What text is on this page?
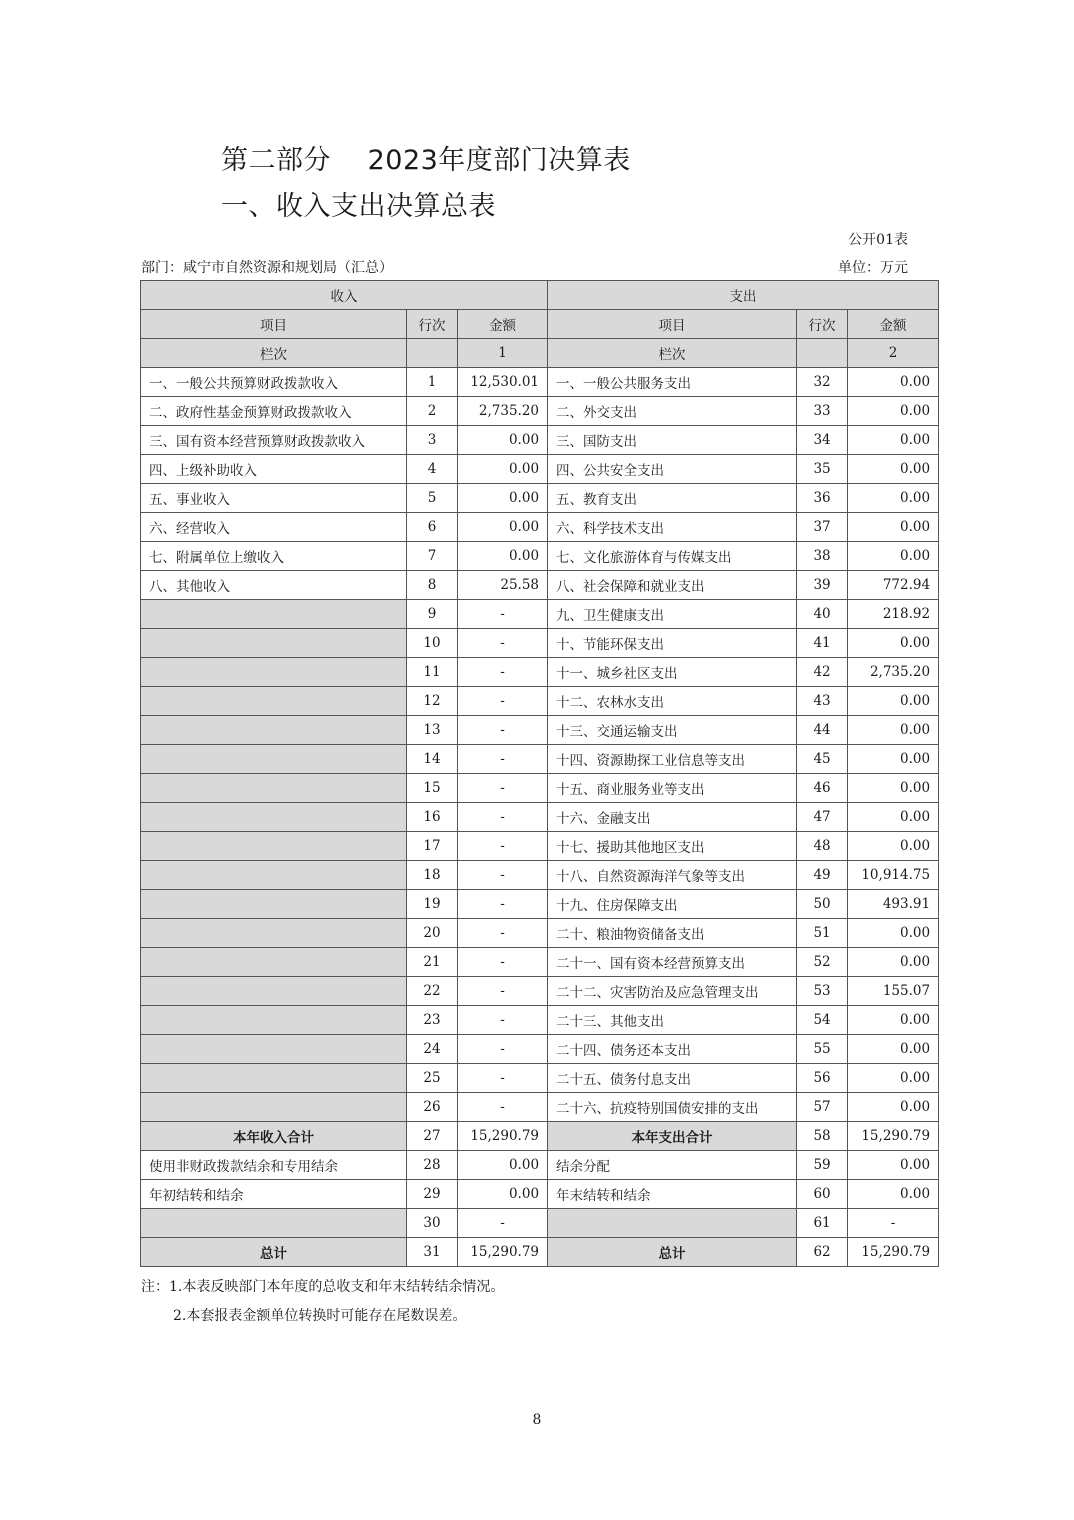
第二部分　 2023年度部门决算表
一、收入支出决算总表
公开01表
部门：咸宁市自然资源和规划局（汇总）	单位：万元
收入			支出		
项目	行次	金额	项目	行次	金额
栏次		1	栏次		2
一、一般公共预算财政拨款收入	1	12,530.01	一、一般公共服务支出	32	0.00
二、政府性基金预算财政拨款收入	2	2,735.20	二、外交支出	33	0.00
三、国有资本经营预算财政拨款收入	3	0.00	三、国防支出	34	0.00
四、上级补助收入	4	0.00	四、公共安全支出	35	0.00
五、事业收入	5	0.00	五、教育支出	36	0.00
六、经营收入	6	0.00	六、科学技术支出	37	0.00
七、附属单位上缴收入	7	0.00	七、文化旅游体育与传媒支出	38	0.00
八、其他收入	8	25.58	八、社会保障和就业支出	39	772.94
	9	-	九、卫生健康支出	40	218.92
	10	-	十、节能环保支出	41	0.00
	11	-	十一、城乡社区支出	42	2,735.20
	12	-	十二、农林水支出	43	0.00
	13	-	十三、交通运输支出	44	0.00
	14	-	十四、资源勘探工业信息等支出	45	0.00
	15	-	十五、商业服务业等支出	46	0.00
	16	-	十六、金融支出	47	0.00
	17	-	十七、援助其他地区支出	48	0.00
	18	-	十八、自然资源海洋气象等支出	49	10,914.75
	19	-	十九、住房保障支出	50	493.91
	20	-	二十、粮油物资储备支出	51	0.00
	21	-	二十一、国有资本经营预算支出	52	0.00
	22	-	二十二、灾害防治及应急管理支出	53	155.07
	23	-	二十三、其他支出	54	0.00
	24	-	二十四、债务还本支出	55	0.00
	25	-	二十五、债务付息支出	56	0.00
	26	-	二十六、抗疫特别国债安排的支出	57	0.00
本年收入合计	27	15,290.79	本年支出合计	58	15,290.79
使用非财政拨款结余和专用结余	28	0.00	结余分配	59	0.00
年初结转和结余	29	0.00	年末结转和结余	60	0.00
	30	-		61	-
总计	31	15,290.79	总计	62	15,290.79
注：1.本表反映部门本年度的总收支和年末结转结余情况。
2.本套报表金额单位转换时可能存在尾数误差。
8
